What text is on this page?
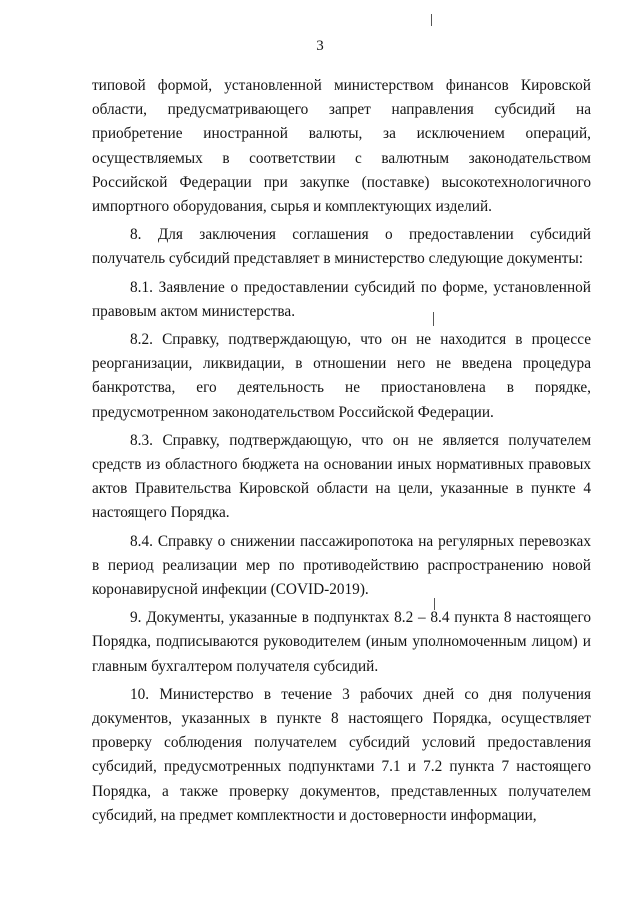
3

типовой формой, установленной министерством финансов Кировской области, предусматривающего запрет направления субсидий на приобретение иностранной валюты, за исключением операций, осуществляемых в соответствии с валютным законодательством Российской Федерации при закупке (поставке) высокотехнологичного импортного оборудования, сырья и комплектующих изделий.

8. Для заключения соглашения о предоставлении субсидий получатель субсидий представляет в министерство следующие документы:

8.1. Заявление о предоставлении субсидий по форме, установленной правовым актом министерства.

8.2. Справку, подтверждающую, что он не находится в процессе реорганизации, ликвидации, в отношении него не введена процедура банкротства, его деятельность не приостановлена в порядке, предусмотренном законодательством Российской Федерации.

8.3. Справку, подтверждающую, что он не является получателем средств из областного бюджета на основании иных нормативных правовых актов Правительства Кировской области на цели, указанные в пункте 4 настоящего Порядка.

8.4. Справку о снижении пассажиропотока на регулярных перевозках в период реализации мер по противодействию распространению новой коронавирусной инфекции (COVID-2019).

9. Документы, указанные в подпунктах 8.2 – 8.4 пункта 8 настоящего Порядка, подписываются руководителем (иным уполномоченным лицом) и главным бухгалтером получателя субсидий.

10. Министерство в течение 3 рабочих дней со дня получения документов, указанных в пункте 8 настоящего Порядка, осуществляет проверку соблюдения получателем субсидий условий предоставления субсидий, предусмотренных подпунктами 7.1 и 7.2 пункта 7 настоящего Порядка, а также проверку документов, представленных получателем субсидий, на предмет комплектности и достоверности информации,
